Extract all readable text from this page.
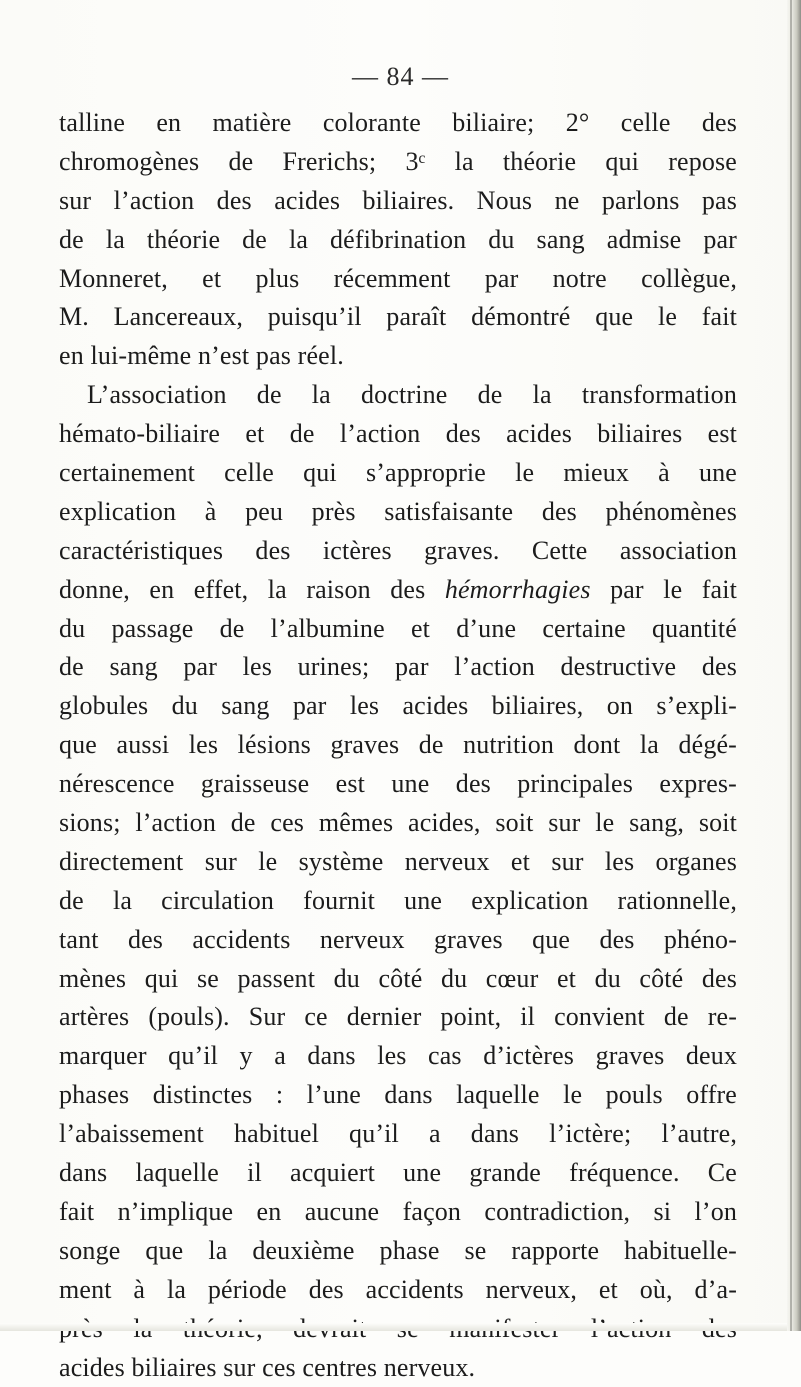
— 84 —
talline en matière colorante biliaire; 2° celle des
chromogènes de Frerichs; 3ᶜ la théorie qui repose
sur l’action des acides biliaires. Nous ne parlons pas
de la théorie de la défibrination du sang admise par
Monneret, et plus récemment par notre collègue,
M. Lancereaux, puisqu’il paraît démontré que le fait
en lui-même n’est pas réel.
L’association de la doctrine de la transformation
hémato-biliaire et de l’action des acides biliaires est
certainement celle qui s’approprie le mieux à une
explication à peu près satisfaisante des phénomènes
caractéristiques des ictères graves. Cette association
donne, en effet, la raison des hémorrhagies par le fait
du passage de l’albumine et d’une certaine quantité
de sang par les urines; par l’action destructive des
globules du sang par les acides biliaires, on s’expli-
que aussi les lésions graves de nutrition dont la dégé-
nérescence graisseuse est une des principales expres-
sions; l’action de ces mêmes acides, soit sur le sang, soit
directement sur le système nerveux et sur les organes
de la circulation fournit une explication rationnelle,
tant des accidents nerveux graves que des phéno-
mènes qui se passent du côté du cœur et du côté des
artères (pouls). Sur ce dernier point, il convient de re-
marquer qu’il y a dans les cas d’ictères graves deux
phases distinctes : l’une dans laquelle le pouls offre
l’abaissement habituel qu’il a dans l’ictère; l’autre,
dans laquelle il acquiert une grande fréquence. Ce
fait n’implique en aucune façon contradiction, si l’on
songe que la deuxième phase se rapporte habituelle-
ment à la période des accidents nerveux, et où, d’a-
acides biliaires sur ces centres nerveux.
